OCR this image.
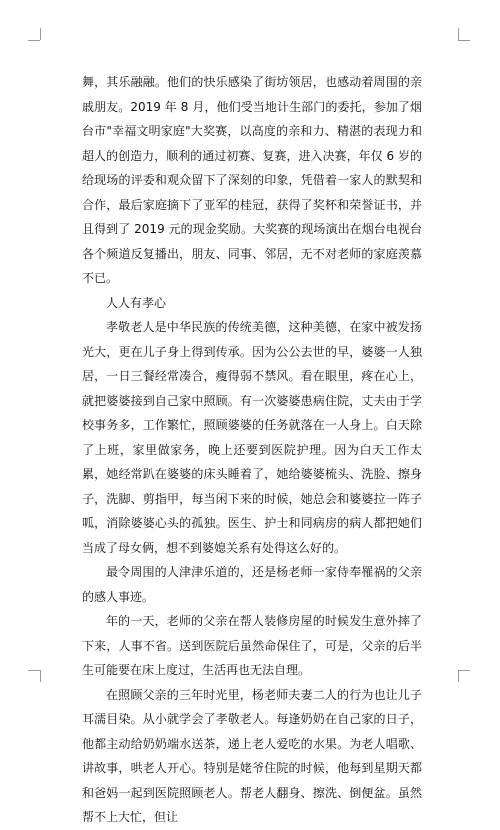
舞，其乐融融。他们的快乐感染了街坊领居，也感动着周围的亲戚朋友。2019 年 8 月，他们受当地计生部门的委托，参加了烟台市"幸福文明家庭"大奖赛，以高度的亲和力、精湛的表现力和超人的创造力，顺利的通过初赛、复赛，进入决赛，年仅 6 岁的给现场的评委和观众留下了深刻的印象，凭借着一家人的默契和合作，最后家庭摘下了亚军的桂冠，获得了奖杯和荣誉证书，并且得到了 2019 元的现金奖励。大奖赛的现场演出在烟台电视台各个频道反复播出，朋友、同事、邻居，无不对老师的家庭羡慕不已。

人人有孝心

孝敬老人是中华民族的传统美德，这种美德，在家中被发扬光大，更在儿子身上得到传承。因为公公去世的早，婆婆一人独居，一日三餐经常凑合，瘦得弱不禁风。看在眼里，疼在心上，就把婆婆接到自己家中照顾。有一次婆婆患病住院，丈夫由于学校事务多，工作繁忙，照顾婆婆的任务就落在一人身上。白天除了上班，家里做家务，晚上还要到医院护理。因为白天工作太累，她经常趴在婆婆的床头睡着了，她给婆婆梳头、洗脸、擦身子，洗脚、剪指甲，每当闲下来的时候，她总会和婆婆拉一阵子呱，消除婆婆心头的孤独。医生、护士和同病房的病人都把她们当成了母女俩，想不到婆媳关系有处得这么好的。

最令周围的人津津乐道的，还是杨老师一家侍奉罹祸的父亲的感人事迹。

年的一天，老师的父亲在帮人装修房屋的时候发生意外摔了下来，人事不省。送到医院后虽然命保住了，可是，父亲的后半生可能要在床上度过，生活再也无法自理。

在照顾父亲的三年时光里，杨老师夫妻二人的行为也让儿子耳濡目染。从小就学会了孝敬老人。每逢奶奶在自己家的日子，他都主动给奶奶端水送茶，递上老人爱吃的水果。为老人唱歌、讲故事，哄老人开心。特别是姥爷住院的时候，他每到星期天都和爸妈一起到医院照顾老人。帮老人翻身、擦洗、倒便盆。虽然帮不上大忙，但让
